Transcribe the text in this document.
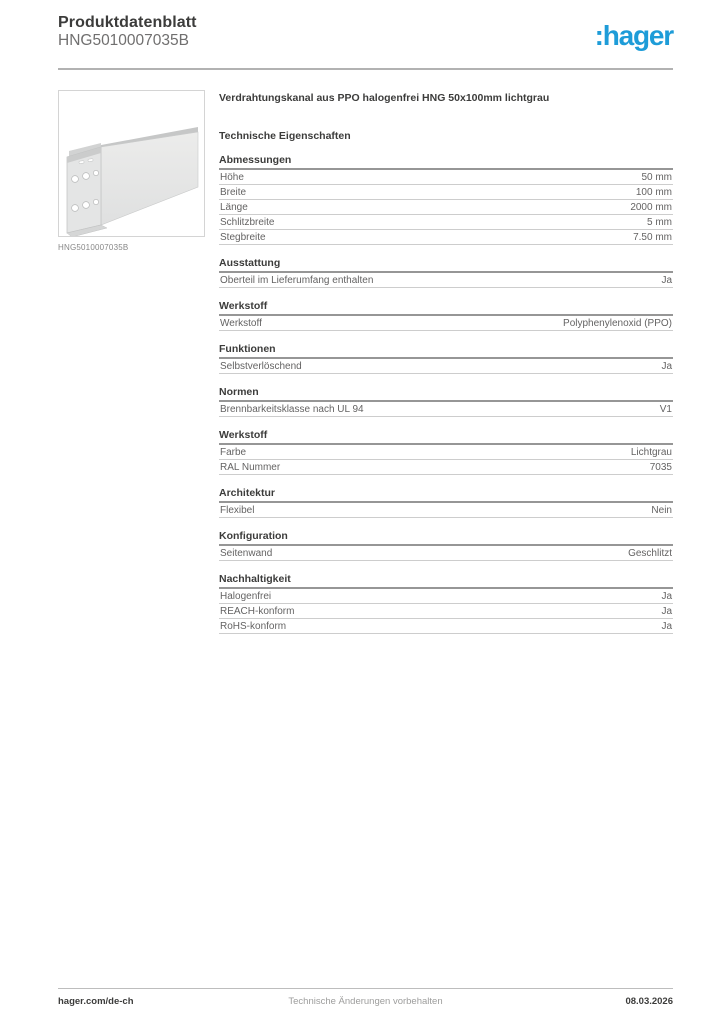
Produktdatenblatt
HNG5010007035B	:hager
HNG5010007035B
Verdrahtungskanal aus PPO halogenfrei HNG 50x100mm lichtgrau
Technische Eigenschaften
Abmessungen
Höhe	50 mm
Breite	100 mm
Länge	2000 mm
Schlitzbreite	5 mm
Stegbreite	7.50 mm
Ausstattung
Oberteil im Lieferumfang enthalten	Ja
Werkstoff
Werkstoff	Polyphenylenoxid (PPO)
Funktionen
Selbstverlöschend	Ja
Normen
Brennbarkeitsklasse nach UL 94	V1
Werkstoff
Farbe	Lichtgrau
RAL Nummer	7035
Architektur
Flexibel	Nein
Konfiguration
Seitenwand	Geschlitzt
Nachhaltigkeit
Halogenfrei	Ja
REACH-konform	Ja
RoHS-konform	Ja
hager.com/de-ch	Technische Änderungen vorbehalten	08.03.2026
